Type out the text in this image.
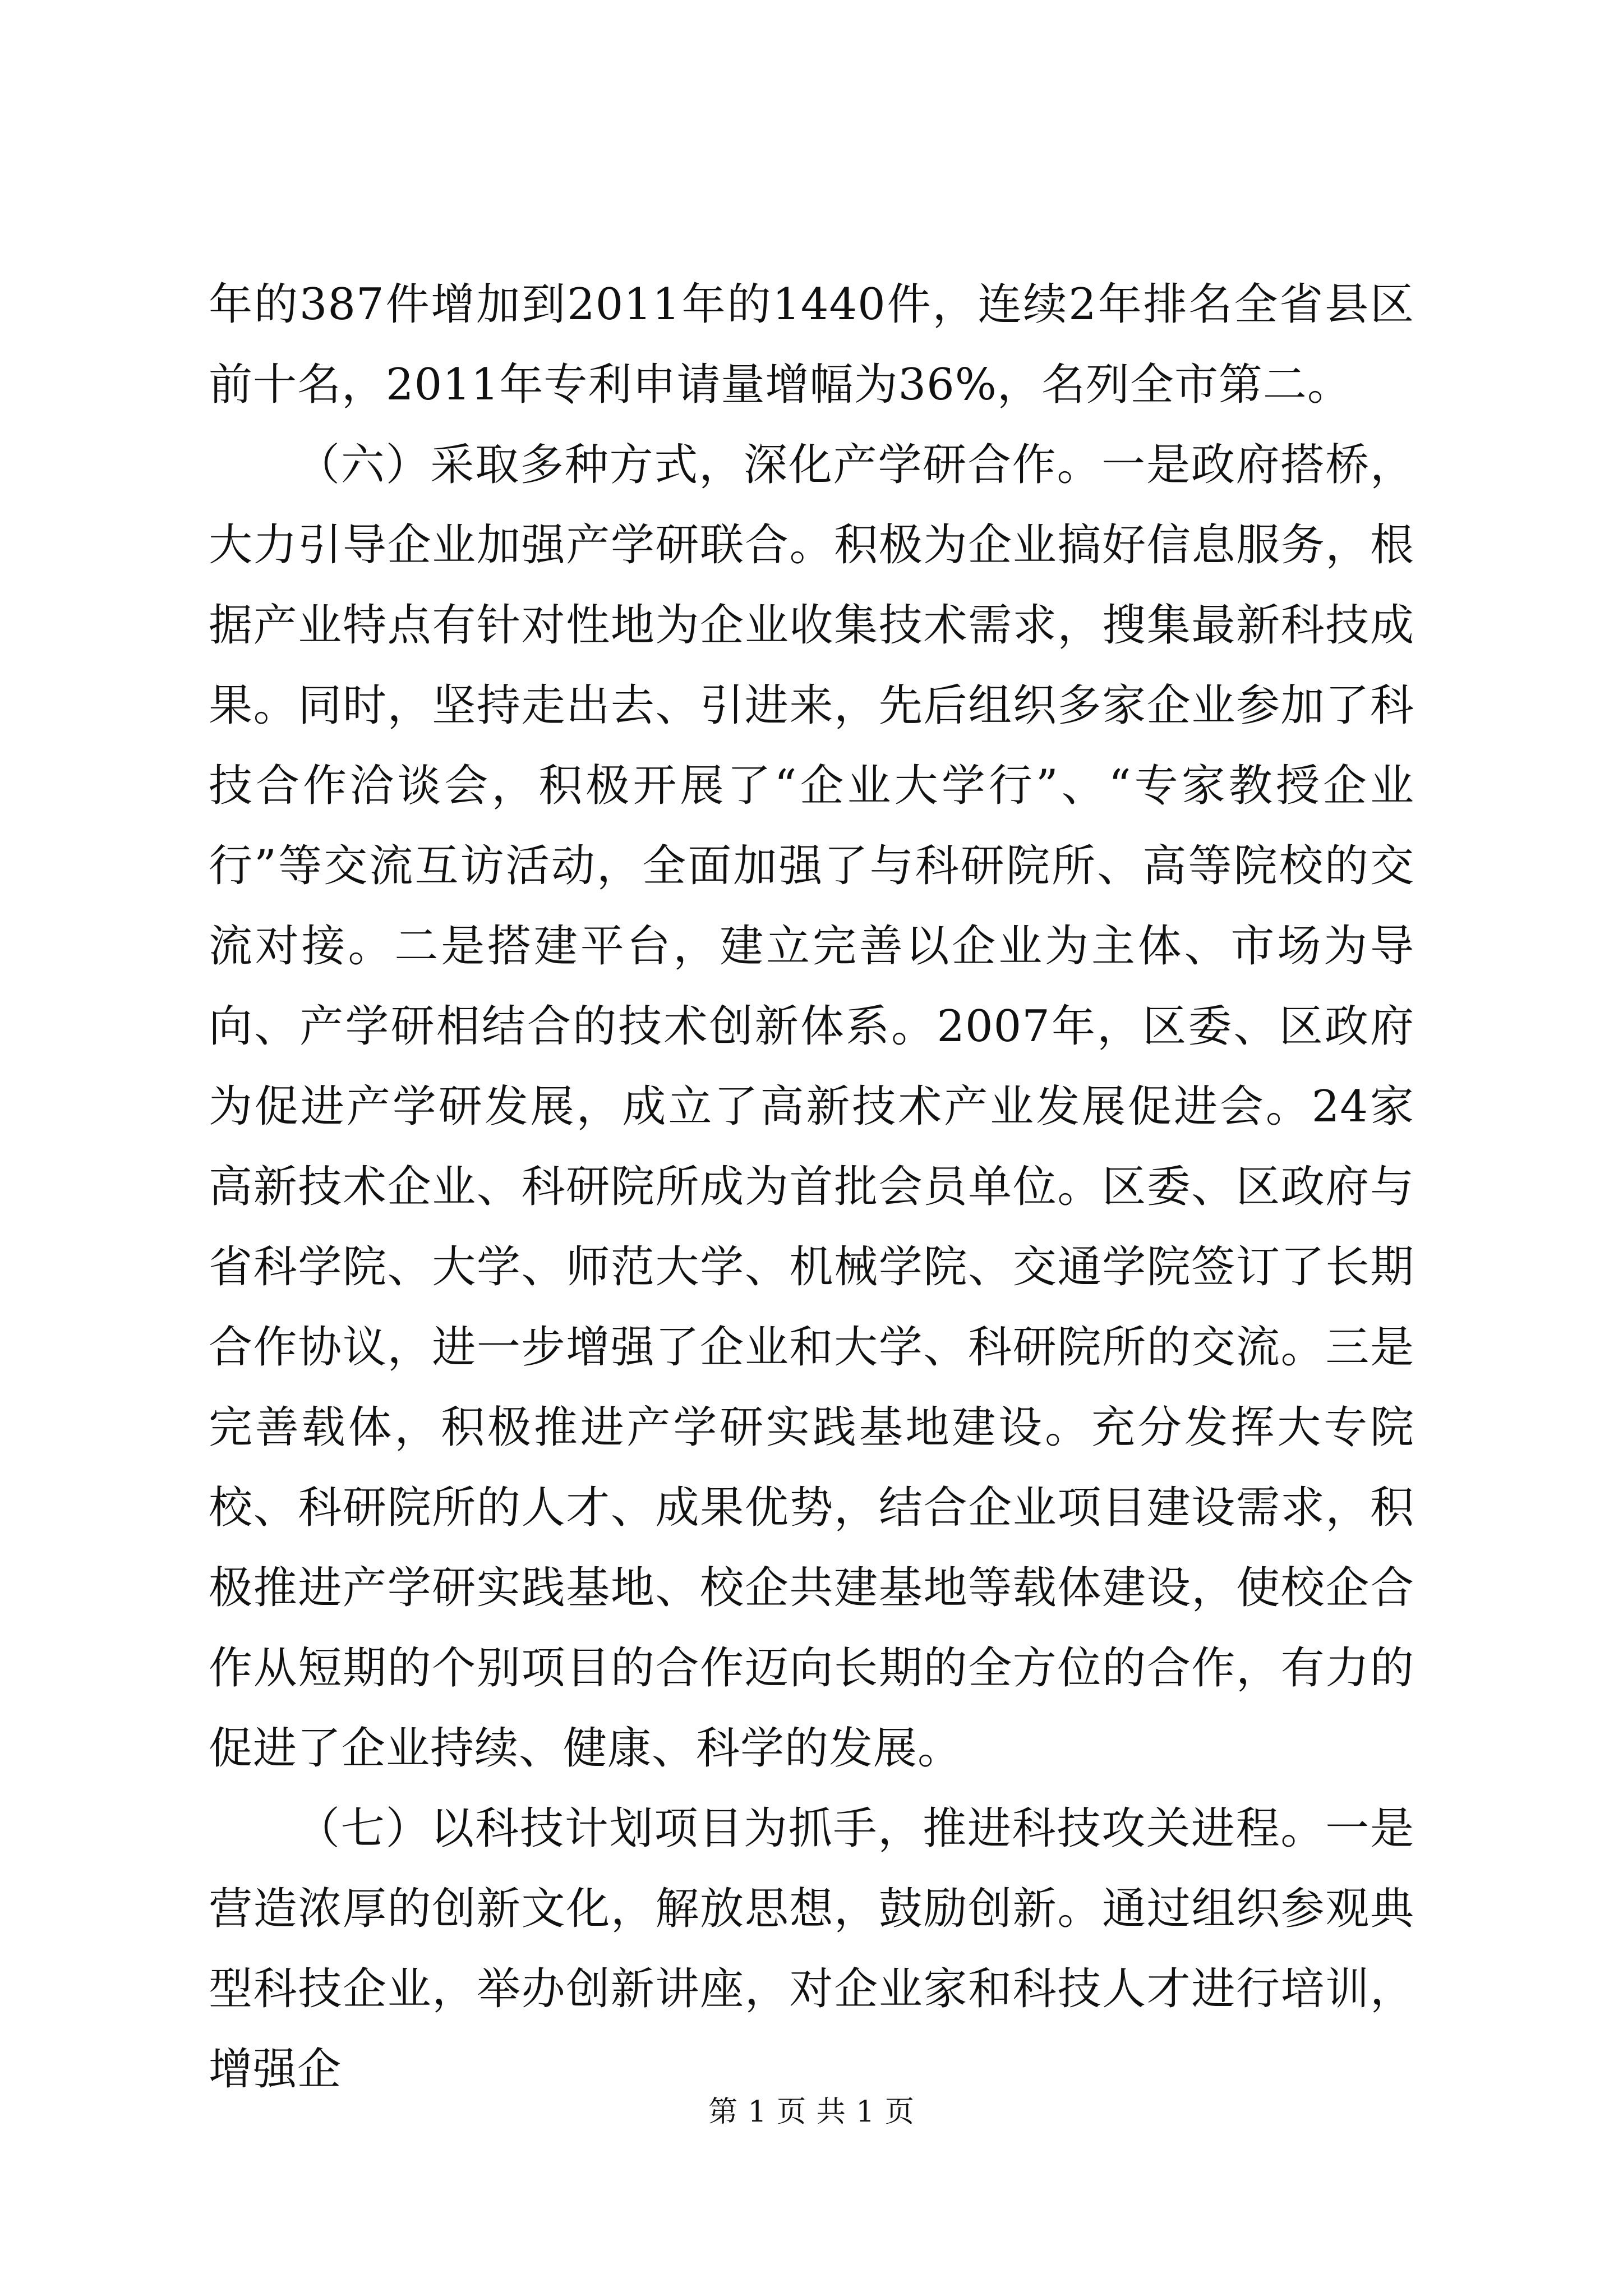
年的387件增加到2011年的1440件，连续2年排名全省县区前十名，2011年专利申请量增幅为36%，名列全市第二。

（六）采取多种方式，深化产学研合作。一是政府搭桥，大力引导企业加强产学研联合。积极为企业搞好信息服务，根据产业特点有针对性地为企业收集技术需求，搜集最新科技成果。同时，坚持走出去、引进来，先后组织多家企业参加了科技合作洽谈会，积极开展了“企业大学行”、“专家教授企业行”等交流互访活动，全面加强了与科研院所、高等院校的交流对接。二是搭建平台，建立完善以企业为主体、市场为导向、产学研相结合的技术创新体系。2007年，区委、区政府为促进产学研发展，成立了高新技术产业发展促进会。24家高新技术企业、科研院所成为首批会员单位。区委、区政府与省科学院、大学、师范大学、机械学院、交通学院签订了长期合作协议，进一步增强了企业和大学、科研院所的交流。三是完善载体，积极推进产学研实践基地建设。充分发挥大专院校、科研院所的人才、成果优势，结合企业项目建设需求，积极推进产学研实践基地、校企共建基地等载体建设，使校企合作从短期的个别项目的合作迈向长期的全方位的合作，有力的促进了企业持续、健康、科学的发展。

（七）以科技计划项目为抓手，推进科技攻关进程。一是营造浓厚的创新文化，解放思想，鼓励创新。通过组织参观典型科技企业，举办创新讲座，对企业家和科技人才进行培训，增强企

第 1 页 共 1 页
